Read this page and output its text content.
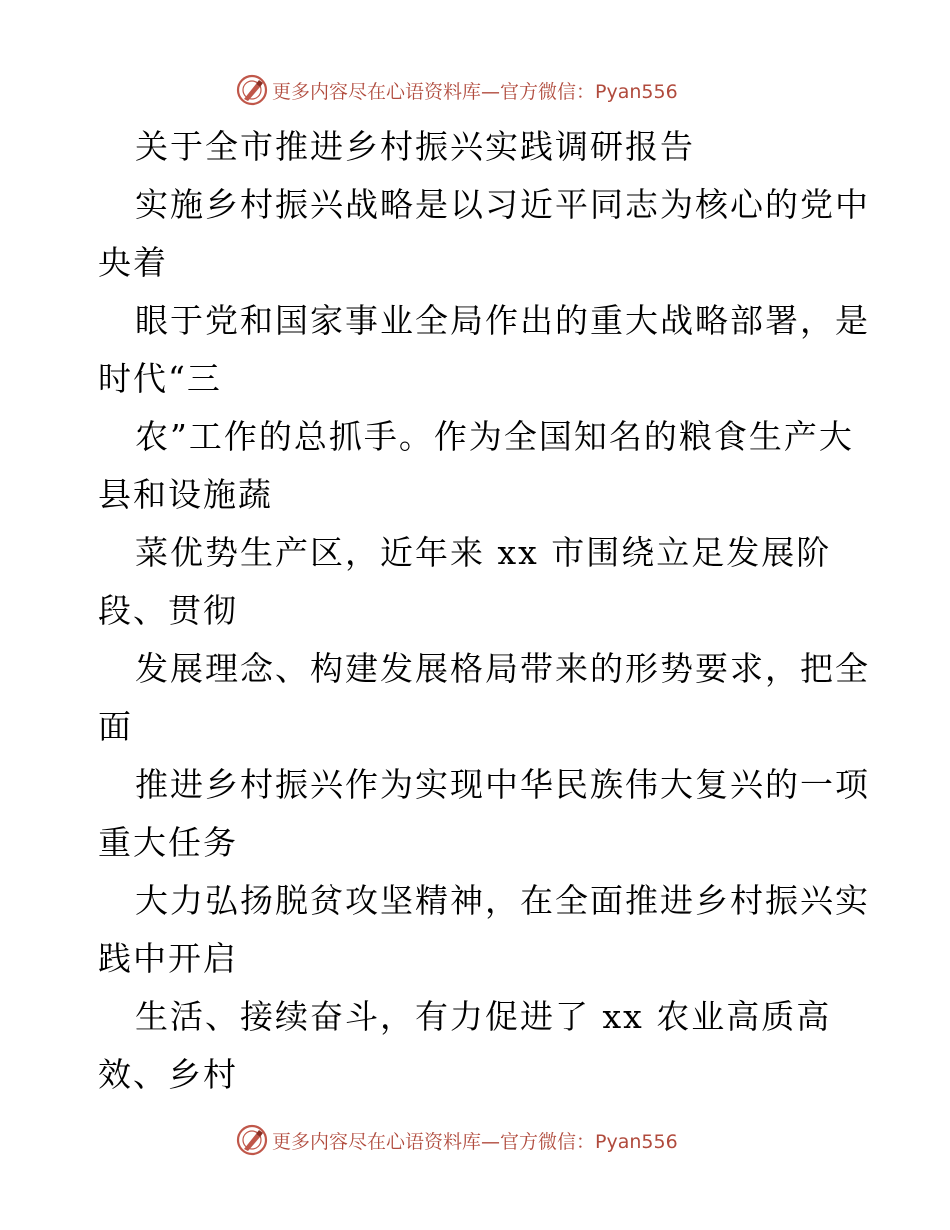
更多内容尽在心语资料库—官方微信：Pyan556
关于全市推进乡村振兴实践调研报告
实施乡村振兴战略是以习近平同志为核心的党中
央着
眼于党和国家事业全局作出的重大战略部署，是
时代“三
农”工作的总抓手。作为全国知名的粮食生产大
县和设施蔬
菜优势生产区，近年来 xx 市围绕立足发展阶
段、贯彻
发展理念、构建发展格局带来的形势要求，把全
面
推进乡村振兴作为实现中华民族伟大复兴的一项
重大任务
大力弘扬脱贫攻坚精神，在全面推进乡村振兴实
践中开启
生活、接续奋斗，有力促进了 xx 农业高质高
效、乡村
更多内容尽在心语资料库—官方微信：Pyan556
